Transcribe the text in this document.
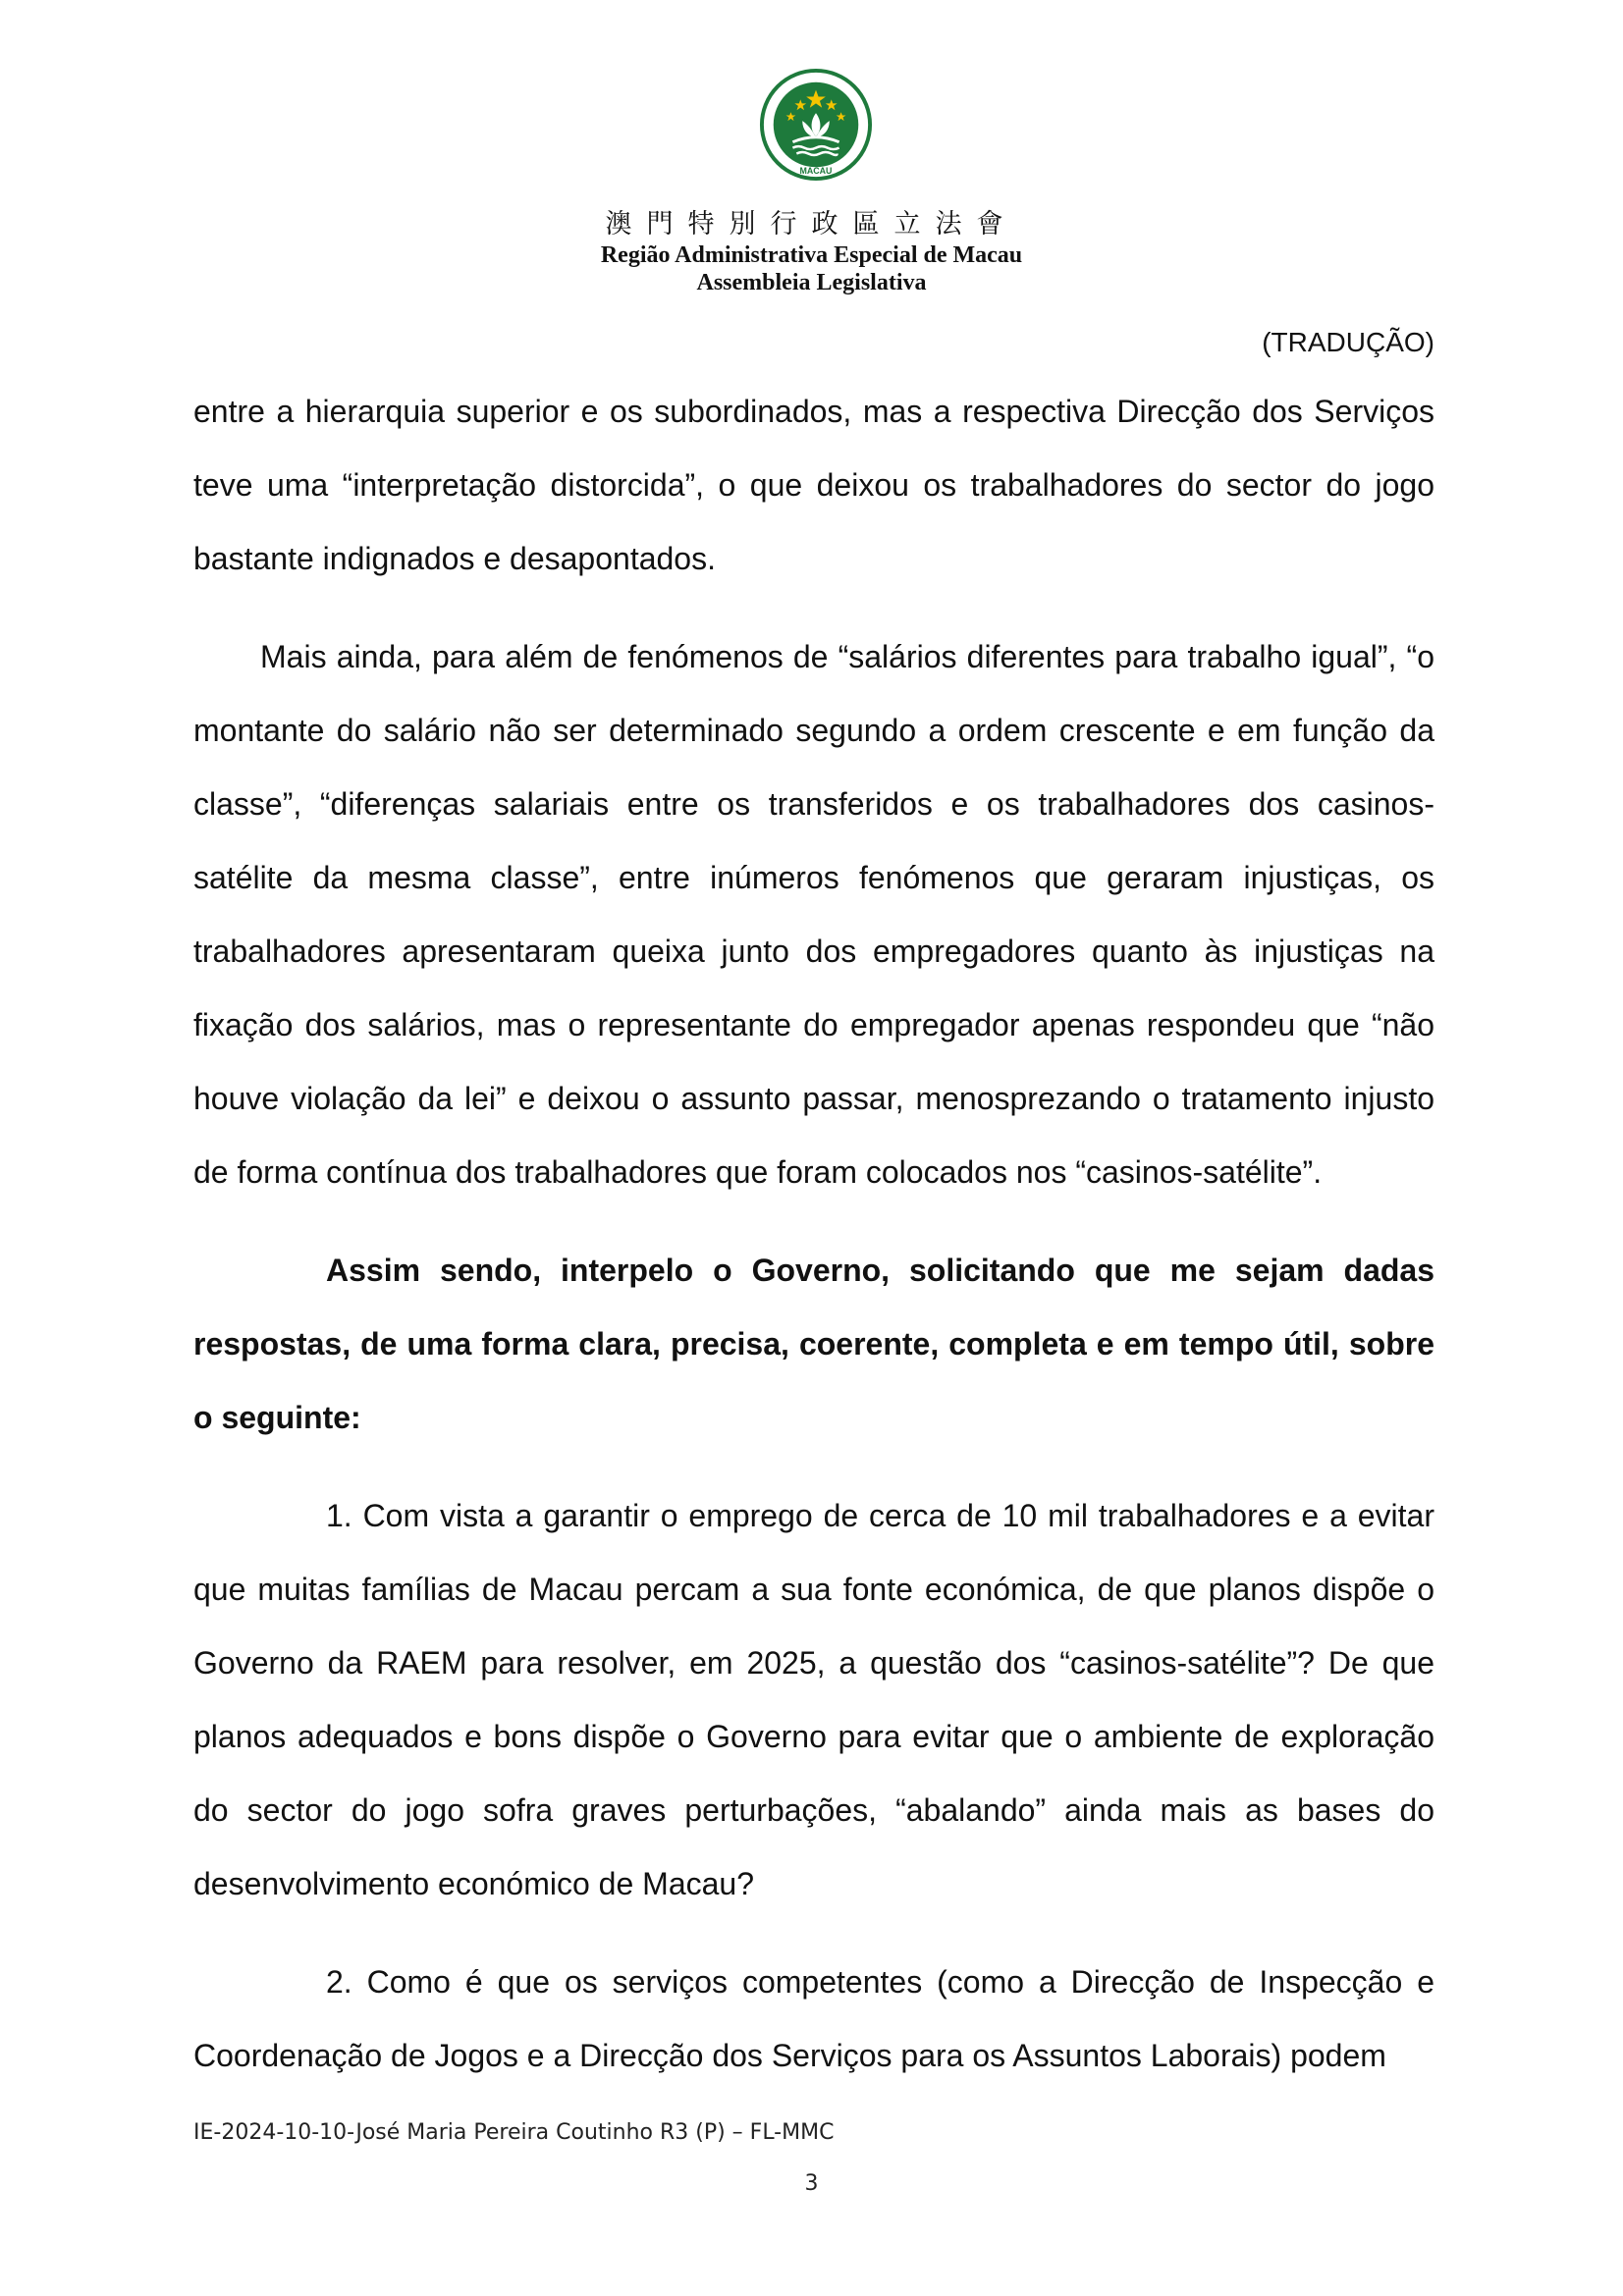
MACAU
澳門特別行政區立法會
Região Administrativa Especial de Macau
Assembleia Legislativa
(TRADUÇÃO)

entre a hierarquia superior e os subordinados, mas a respectiva Direcção dos Serviços teve uma “interpretação distorcida”, o que deixou os trabalhadores do sector do jogo bastante indignados e desapontados.

Mais ainda, para além de fenómenos de “salários diferentes para trabalho igual”, “o montante do salário não ser determinado segundo a ordem crescente e em função da classe”, “diferenças salariais entre os transferidos e os trabalhadores dos casinos-satélite da mesma classe”, entre inúmeros fenómenos que geraram injustiças, os trabalhadores apresentaram queixa junto dos empregadores quanto às injustiças na fixação dos salários, mas o representante do empregador apenas respondeu que “não houve violação da lei” e deixou o assunto passar, menosprezando o tratamento injusto de forma contínua dos trabalhadores que foram colocados nos “casinos-satélite”.

Assim sendo, interpelo o Governo, solicitando que me sejam dadas respostas, de uma forma clara, precisa, coerente, completa e em tempo útil, sobre o seguinte:

1. Com vista a garantir o emprego de cerca de 10 mil trabalhadores e a evitar que muitas famílias de Macau percam a sua fonte económica, de que planos dispõe o Governo da RAEM para resolver, em 2025, a questão dos “casinos-satélite”? De que planos adequados e bons dispõe o Governo para evitar que o ambiente de exploração do sector do jogo sofra graves perturbações, “abalando” ainda mais as bases do desenvolvimento económico de Macau?

2. Como é que os serviços competentes (como a Direcção de Inspecção e Coordenação de Jogos e a Direcção dos Serviços para os Assuntos Laborais) podem

IE-2024-10-10-José Maria Pereira Coutinho R3 (P) – FL-MMC
3
